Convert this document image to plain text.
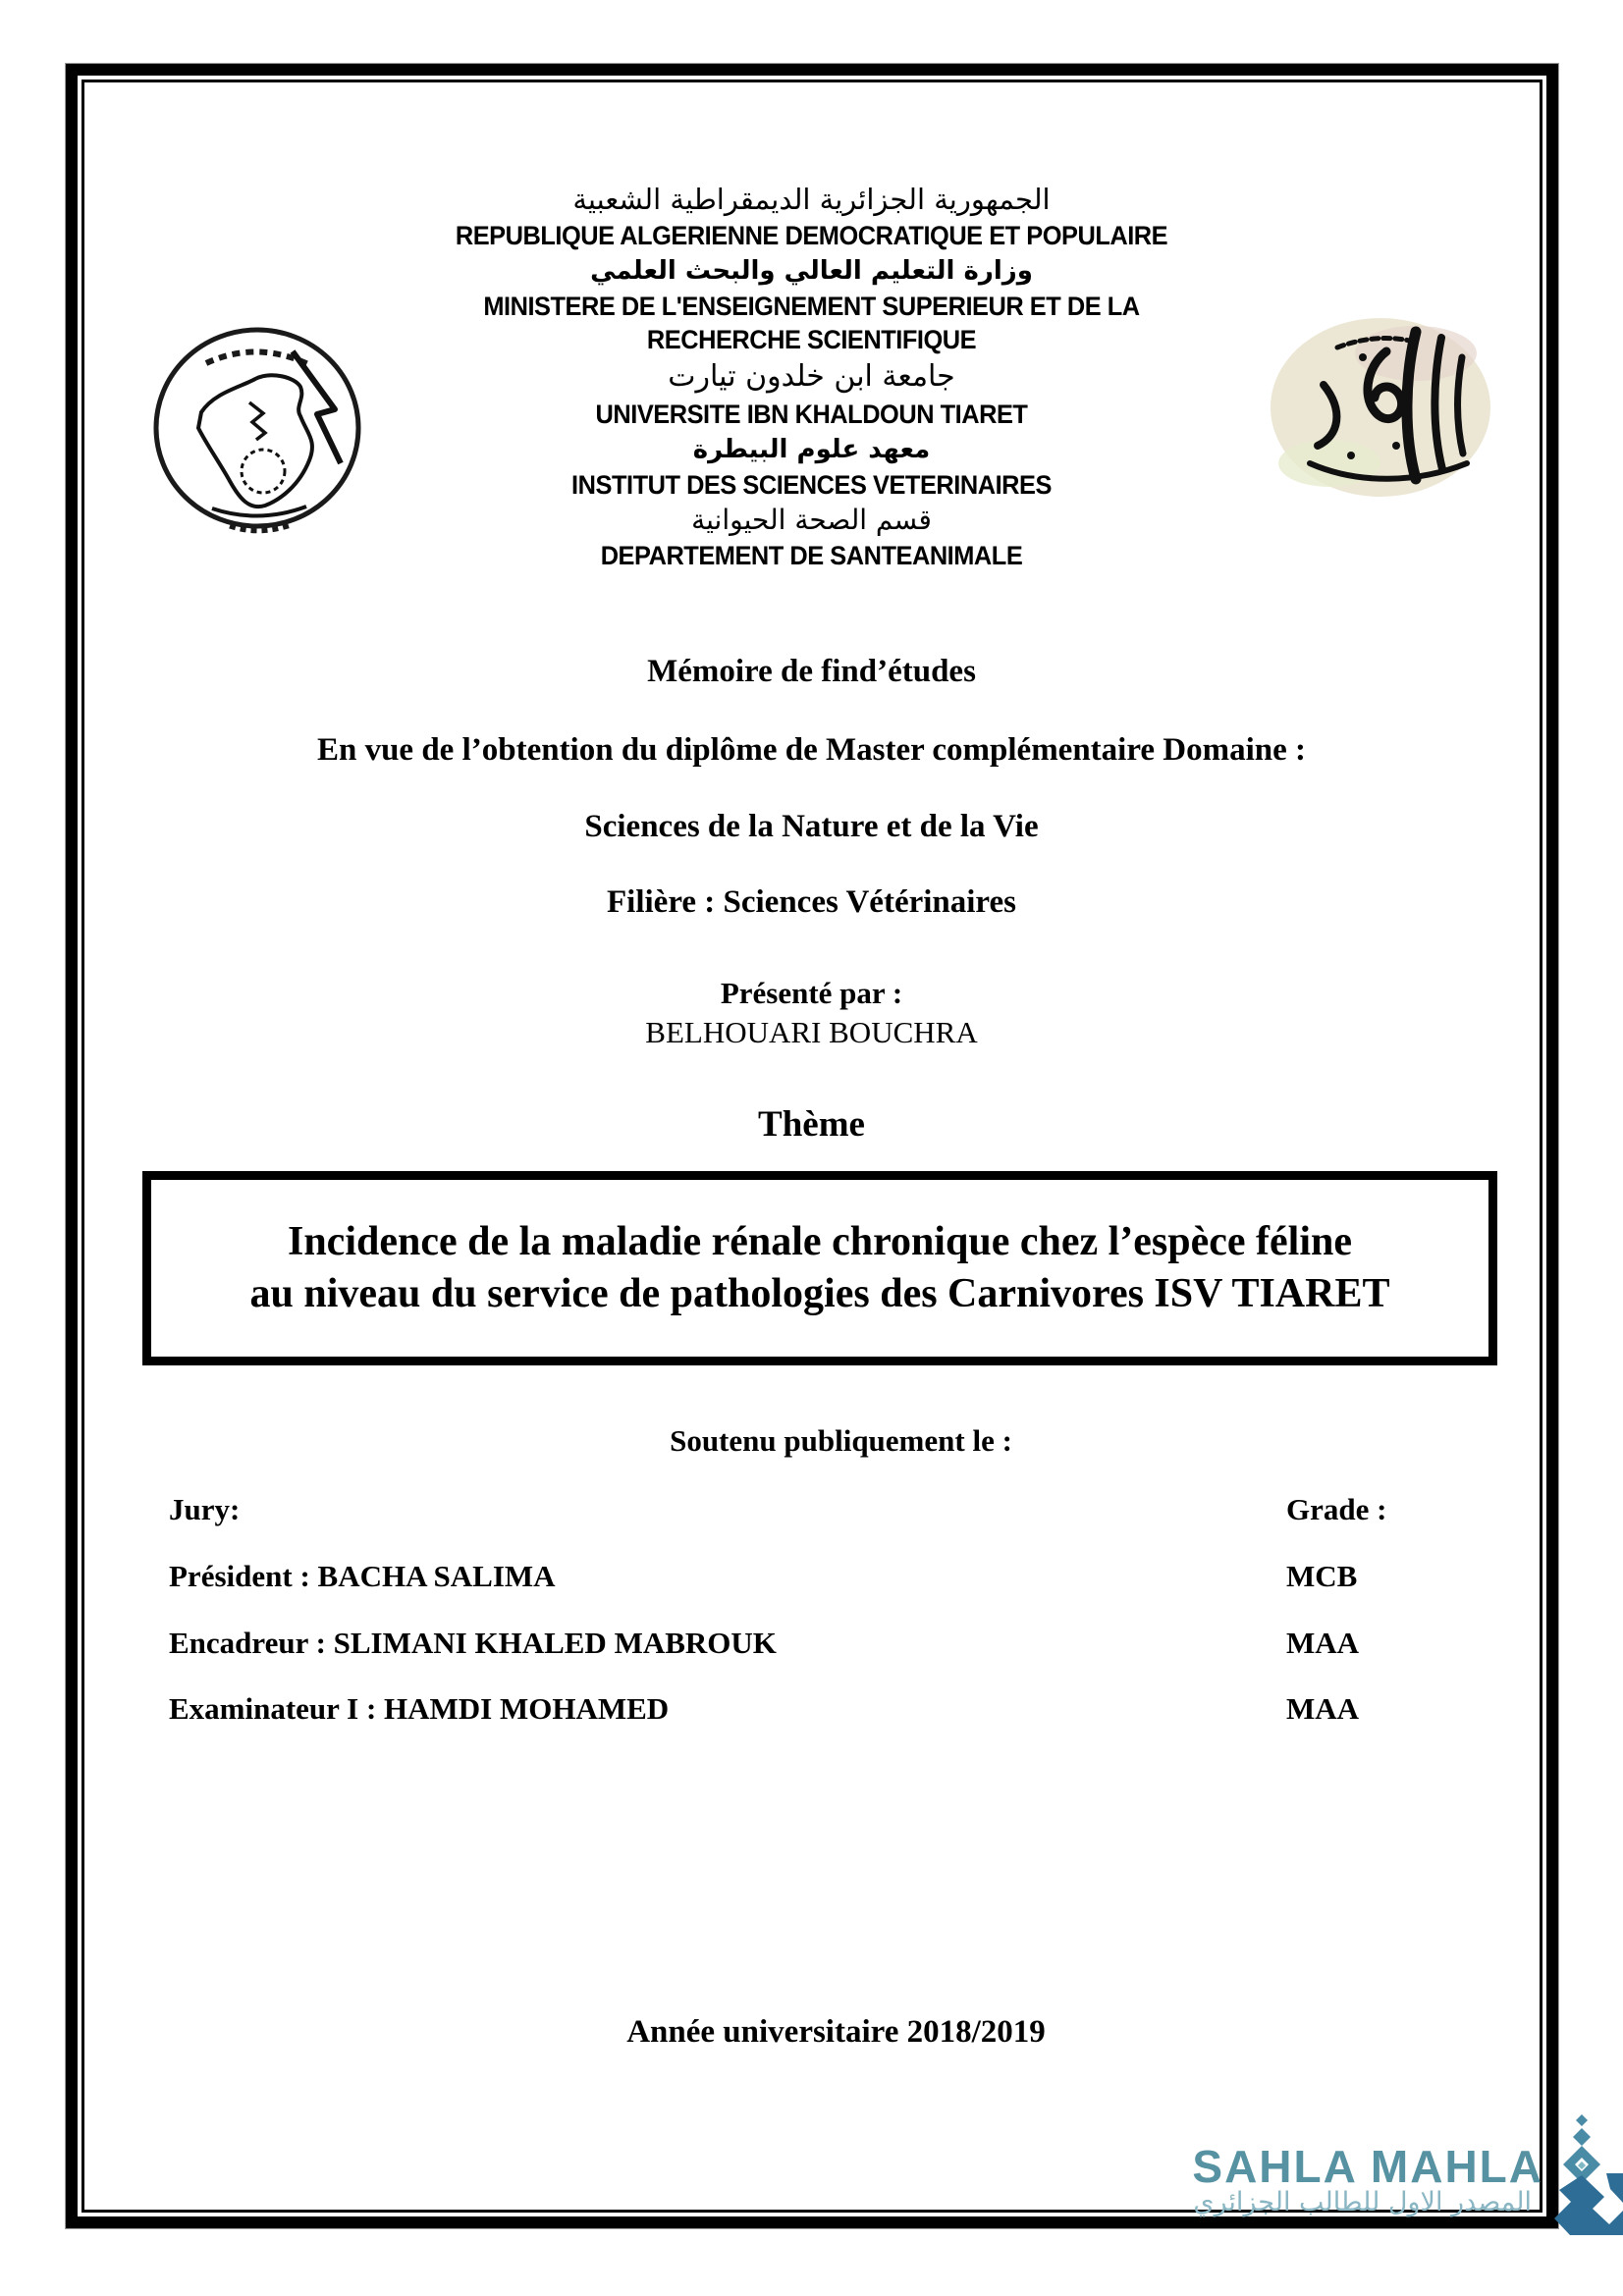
الجمهورية الجزائرية الديمقراطية الشعبية
REPUBLIQUE ALGERIENNE DEMOCRATIQUE ET POPULAIRE
وزارة التعليم العالي والبحث العلمي
MINISTERE DE L'ENSEIGNEMENT SUPERIEUR ET DE LA
RECHERCHE SCIENTIFIQUE
جامعة ابن خلدون تيارت
UNIVERSITE IBN KHALDOUN TIARET
معهد علوم البيطرة
INSTITUT DES SCIENCES VETERINAIRES
قسم الصحة الحيوانية
DEPARTEMENT DE SANTEANIMALE
Mémoire de find’études
En vue de l’obtention du diplôme de Master complémentaire Domaine :
Sciences de la Nature et de la Vie
Filière : Sciences Vétérinaires
Présenté par :
BELHOUARI BOUCHRA
Thème
Incidence de la maladie rénale chronique chez l’espèce féline
au niveau du service de pathologies des Carnivores ISV TIARET
Soutenu publiquement le :
Jury:	Grade :
Président : BACHA SALIMA	MCB
Encadreur : SLIMANI KHALED MABROUK	MAA
Examinateur I : HAMDI MOHAMED	MAA
Année universitaire 2018/2019
SAHLA MAHLA
المصدر الاول للطالب الجزائري
